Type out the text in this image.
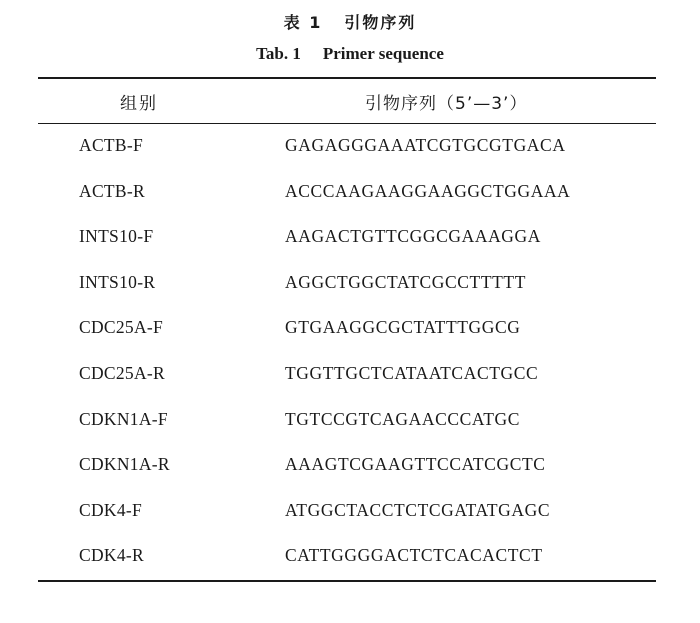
表 1 引物序列
Tab. 1 Primer sequence
组别	引物序列（5’—3’）
ACTB-F	GAGAGGGAAATCGTGCGTGACA
ACTB-R	ACCCAAGAAGGAAGGCTGGAAA
INTS10-F	AAGACTGTTCGGCGAAAGGA
INTS10-R	AGGCTGGCTATCGCCTTTTT
CDC25A-F	GTGAAGGCGCTATTTGGCG
CDC25A-R	TGGTTGCTCATAATCACTGCC
CDKN1A-F	TGTCCGTCAGAACCCATGC
CDKN1A-R	AAAGTCGAAGTTCCATCGCTC
CDK4-F	ATGGCTACCTCTCGATATGAGC
CDK4-R	CATTGGGGACTCTCACACTCT
